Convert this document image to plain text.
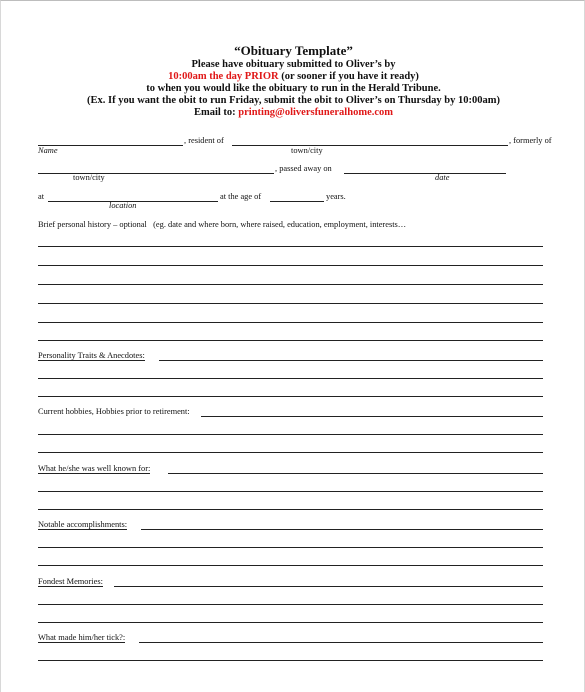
“Obituary Template”
Please have obituary submitted to Oliver’s by
10:00am the day PRIOR (or sooner if you have it ready)
to when you would like the obituary to run in the Herald Tribune.
(Ex. If you want the obit to run Friday, submit the obit to Oliver’s on Thursday by 10:00am)
Email to: printing@oliversfuneralhome.com
, resident of	, formerly of
Name	town/city
, passed away on
town/city	date
at	at the age of	years.
location
Brief personal history – optional (eg. date and where born, where raised, education, employment, interests…
Personality Traits & Anecdotes:
Current hobbies, Hobbies prior to retirement:
What he/she was well known for:
Notable accomplishments:
Fondest Memories:
What made him/her tick?:
